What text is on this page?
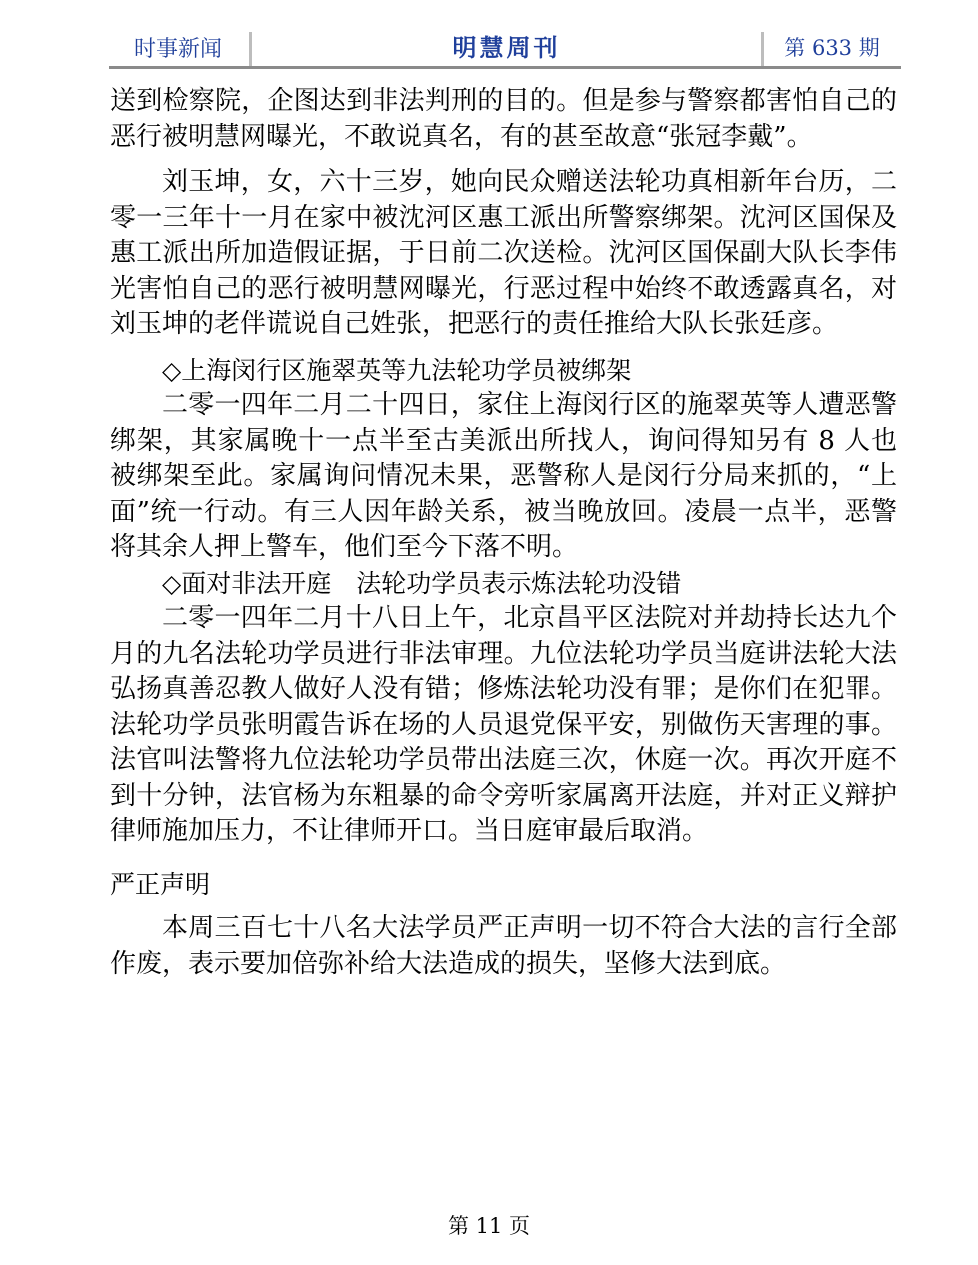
时事新闻	明慧周刊	第 633 期

送到检察院，企图达到非法判刑的目的。但是参与警察都害怕自己的恶行被明慧网曝光，不敢说真名，有的甚至故意“张冠李戴”。

刘玉坤，女，六十三岁，她向民众赠送法轮功真相新年台历，二零一三年十一月在家中被沈河区惠工派出所警察绑架。沈河区国保及惠工派出所加造假证据，于日前二次送检。沈河区国保副大队长李伟光害怕自己的恶行被明慧网曝光，行恶过程中始终不敢透露真名，对刘玉坤的老伴谎说自己姓张，把恶行的责任推给大队长张廷彦。

◇上海闵行区施翠英等九法轮功学员被绑架

二零一四年二月二十四日，家住上海闵行区的施翠英等人遭恶警绑架，其家属晚十一点半至古美派出所找人，询问得知另有 8 人也被绑架至此。家属询问情况未果，恶警称人是闵行分局来抓的，“上面”统一行动。有三人因年龄关系，被当晚放回。凌晨一点半，恶警将其余人押上警车，他们至今下落不明。

◇面对非法开庭　法轮功学员表示炼法轮功没错

二零一四年二月十八日上午，北京昌平区法院对并劫持长达九个月的九名法轮功学员进行非法审理。九位法轮功学员当庭讲法轮大法弘扬真善忍教人做好人没有错；修炼法轮功没有罪；是你们在犯罪。法轮功学员张明霞告诉在场的人员退党保平安，别做伤天害理的事。法官叫法警将九位法轮功学员带出法庭三次，休庭一次。再次开庭不到十分钟，法官杨为东粗暴的命令旁听家属离开法庭，并对正义辩护律师施加压力，不让律师开口。当日庭审最后取消。

严正声明

本周三百七十八名大法学员严正声明一切不符合大法的言行全部作废，表示要加倍弥补给大法造成的损失，坚修大法到底。

第 11 页
